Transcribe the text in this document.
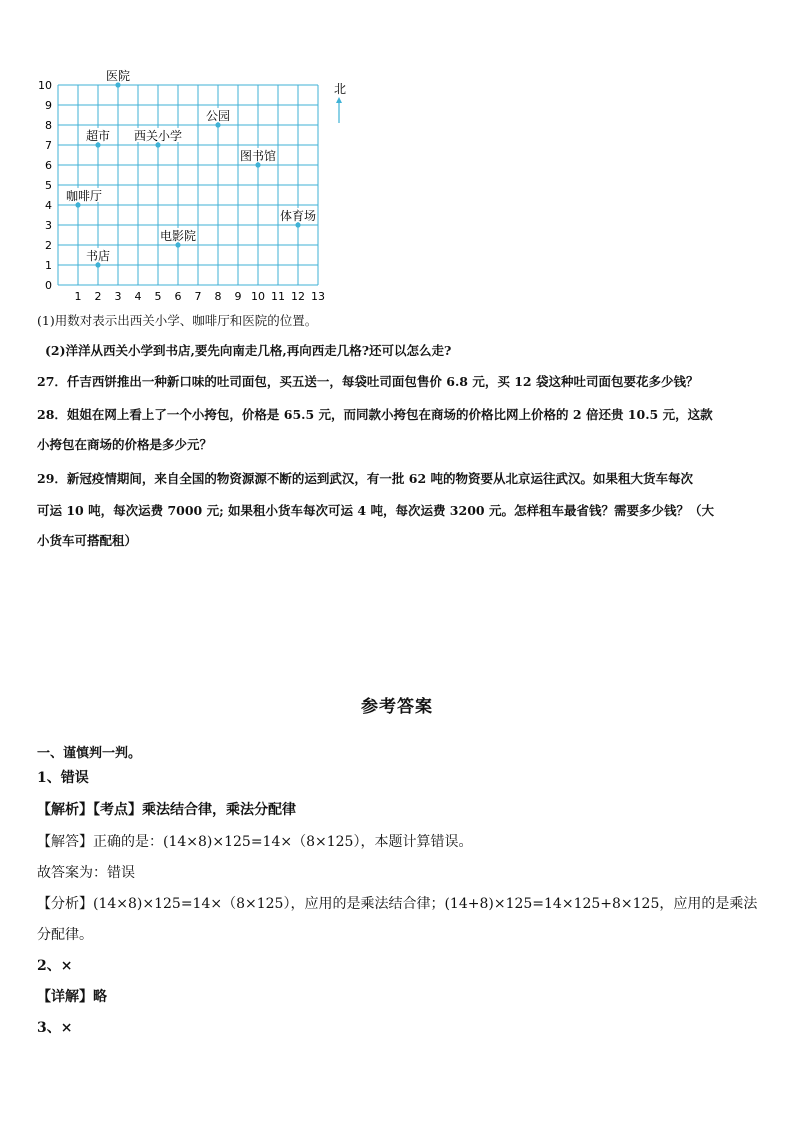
1 2 3 4 5 6 7 8 9 10 11 12 13
0
1
2
3
4
5
6
7
8
9
10
医院
公园
超市 西关小学
图书馆
咖啡厅
体育场
电影院
书店
北
(1)用数对表示出西关小学、咖啡厅和医院的位置。
(2)洋洋从西关小学到书店,要先向南走几格,再向西走几格?还可以怎么走?
27．仟吉西饼推出一种新口味的吐司面包，买五送一，每袋吐司面包售价 6.8 元，买 12 袋这种吐司面包要花多少钱？
28．姐姐在网上看上了一个小挎包，价格是 65.5 元，而同款小挎包在商场的价格比网上价格的 2 倍还贵 10.5 元，这款
小挎包在商场的价格是多少元？
29．新冠疫情期间，来自全国的物资源源不断的运到武汉，有一批 62 吨的物资要从北京运往武汉。如果租大货车每次
可运 10 吨，每次运费 7000 元; 如果租小货车每次可运 4 吨，每次运费 3200 元。怎样租车最省钱？需要多少钱？（大
小货车可搭配租）
参考答案
一、谨慎判一判。
1、错误
【解析】【考点】乘法结合律，乘法分配律
【解答】正确的是：(14×8)×125=14×（8×125），本题计算错误。
故答案为：错误
【分析】(14×8)×125=14×（8×125），应用的是乘法结合律；(14+8)×125=14×125+8×125，应用的是乘法
分配律。
2、×
【详解】略
3、×
